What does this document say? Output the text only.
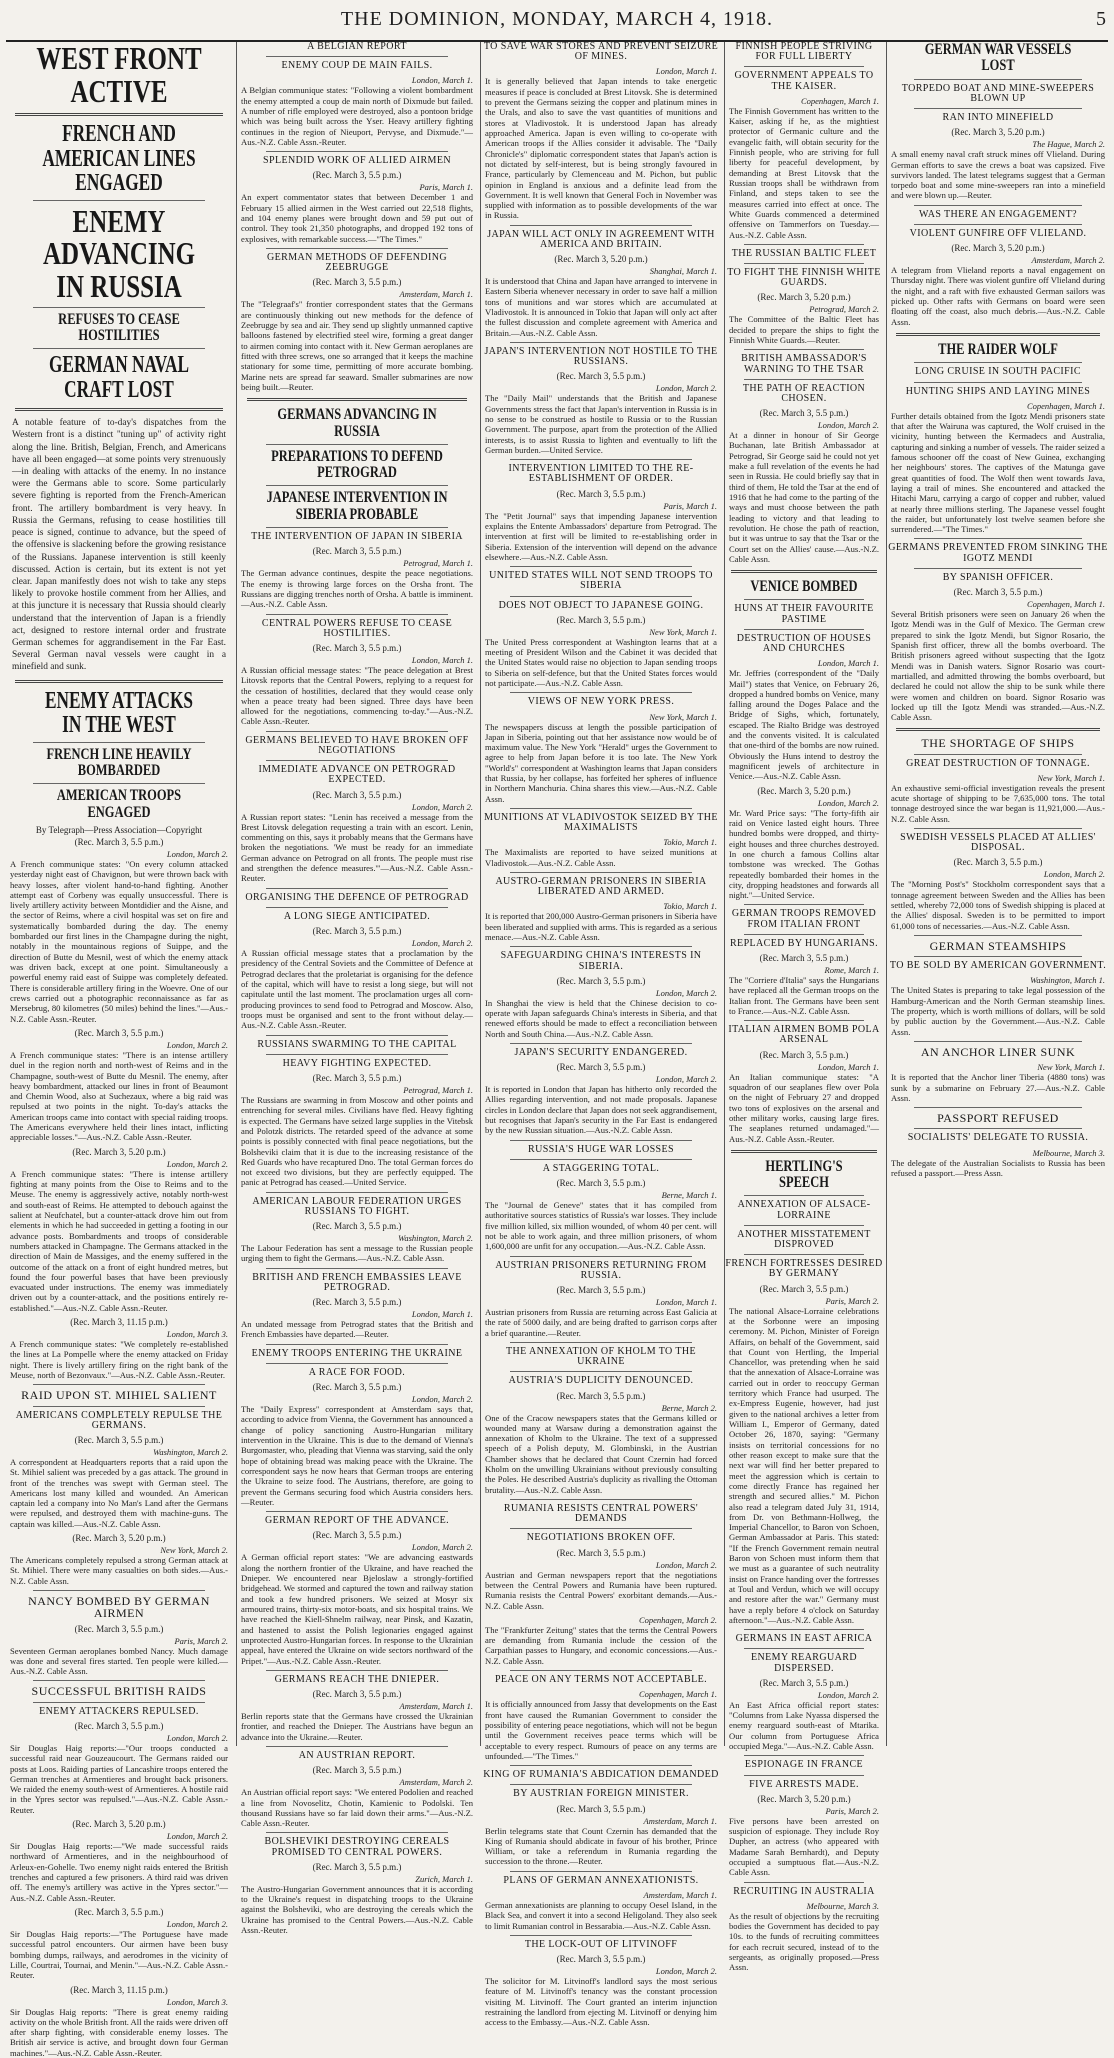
THE DOMINION, MONDAY, MARCH 4, 1918.	5
WEST FRONT ACTIVE
FRENCH AND AMERICAN LINES ENGAGED
ENEMY ADVANCING IN RUSSIA
REFUSES TO CEASE HOSTILITIES
GERMAN NAVAL CRAFT LOST
A notable feature of to-day's dispatches from the Western front is a distinct "tuning up" of activity right along the line. British, Belgian, French, and Americans have all been engaged—at some points very strenuously—in dealing with attacks of the enemy. In no instance were the Germans able to score. Some particularly severe fighting is reported from the French-American front. The artillery bombardment is very heavy. In Russia the Germans, refusing to cease hostilities till peace is signed, continue to advance, but the speed of the offensive is slackening before the growing resistance of the Russians. Japanese intervention is still keenly discussed. Action is certain, but its extent is not yet clear. Japan manifestly does not wish to take any steps likely to provoke hostile comment from her Allies, and at this juncture it is necessary that Russia should clearly understand that the intervention of Japan is a friendly act, designed to restore internal order and frustrate German schemes for aggrandisement in the Far East. Several German naval vessels were caught in a minefield and sunk.
ENEMY ATTACKS IN THE WEST
FRENCH LINE HEAVILY BOMBARDED
AMERICAN TROOPS ENGAGED
By Telegraph—Press Association—Copyright
(Rec. March 3, 5.5 p.m.)
London, March 2.
A French communique states: "On every column attacked yesterday night east of Chavignon, but were thrown back with heavy losses, after violent hand-to-hand fighting. Another attempt east of Corbeny was equally unsuccessful. There is lively artillery activity between Montdidier and the Aisne, and the sector of Reims, where a civil hospital was set on fire and systematically bombarded during the day. The enemy bombarded our first lines in the Champagne during the night, notably in the mountainous regions of Suippe, and the direction of Butte du Mesnil, west of which the enemy attack was driven back, except at one point. Simultaneously a powerful enemy raid east of Suippe was completely defeated. There is considerable artillery firing in the Woevre. One of our crews carried out a photographic reconnaissance as far as Mersebrug, 80 kilometres (50 miles) behind the lines."—Aus.-N.Z. Cable Assn.-Reuter.
(Rec. March 3, 5.5 p.m.)
London, March 2.
A French communique states: "There is an intense artillery duel in the region north and north-west of Reims and in the Champagne, south-west of Butte du Mesnil. The enemy, after heavy bombardment, attacked our lines in front of Beaumont and Chemin Wood, also at Suchezaux, where a big raid was repulsed at two points in the night. To-day's attacks the American troops came into contact with special raiding troops. The Americans everywhere held their lines intact, inflicting appreciable losses."—Aus.-N.Z. Cable Assn.-Reuter.
(Rec. March 3, 5.20 p.m.)
London, March 2.
A French communique states: "There is intense artillery fighting at many points from the Oise to Reims and to the Meuse. The enemy is aggressively active, notably north-west and south-east of Reims. He attempted to debouch against the salient at Neufchatel, but a counter-attack drove him out from elements in which he had succeeded in getting a footing in our advance posts. Bombardments and troops of considerable numbers attacked in Champagne. The Germans attacked in the direction of Main de Massiges, and the enemy suffered in the outcome of the attack on a front of eight hundred metres, but found the four powerful bases that have been previously evacuated under instructions. The enemy was immediately driven out by a counter-attack, and the positions entirely re-established."—Aus.-N.Z. Cable Assn.-Reuter.
(Rec. March 3, 11.15 p.m.)
London, March 3.
A French communique states: "We completely re-established the lines at La Pompelle where the enemy attacked on Friday night. There is lively artillery firing on the right bank of the Meuse, north of Bezonvaux."—Aus.-N.Z. Cable Assn.-Reuter.
RAID UPON ST. MIHIEL SALIENT
AMERICANS COMPLETELY REPULSE THE GERMANS.
(Rec. March 3, 5.5 p.m.)
Washington, March 2.
A correspondent at Headquarters reports that a raid upon the St. Mihiel salient was preceded by a gas attack. The ground in front of the trenches was swept with German steel. The Americans lost many killed and wounded. An American captain led a company into No Man's Land after the Germans were repulsed, and destroyed them with machine-guns. The captain was killed.—Aus.-N.Z. Cable Assn.
(Rec. March 3, 5.20 p.m.)
New York, March 2.
The Americans completely repulsed a strong German attack at St. Mihiel. There were many casualties on both sides.—Aus.-N.Z. Cable Assn.
NANCY BOMBED BY GERMAN AIRMEN
(Rec. March 3, 5.5 p.m.)
Paris, March 2.
Seventeen German aeroplanes bombed Nancy. Much damage was done and several fires started. Ten people were killed.—Aus.-N.Z. Cable Assn.
SUCCESSFUL BRITISH RAIDS
ENEMY ATTACKERS REPULSED.
(Rec. March 3, 5.5 p.m.)
London, March 2.
Sir Douglas Haig reports:—"Our troops conducted a successful raid near Gouzeaucourt. The Germans raided our posts at Loos. Raiding parties of Lancashire troops entered the German trenches at Armentieres and brought back prisoners. We raided the enemy south-west of Armentieres. A hostile raid in the Ypres sector was repulsed."—Aus.-N.Z. Cable Assn.-Reuter.
(Rec. March 3, 5.20 p.m.)
London, March 2.
Sir Douglas Haig reports:—"We made successful raids northward of Armentieres, and in the neighbourhood of Arleux-en-Gohelle. Two enemy night raids entered the British trenches and captured a few prisoners. A third raid was driven off. The enemy's artillery was active in the Ypres sector."—Aus.-N.Z. Cable Assn.-Reuter.
(Rec. March 3, 5.5 p.m.)
London, March 2.
Sir Douglas Haig reports:—"The Portuguese have made successful patrol encounters. Our airmen have been busy bombing dumps, railways, and aerodromes in the vicinity of Lille, Courtrai, Tournai, and Menin."—Aus.-N.Z. Cable Assn.-Reuter.
(Rec. March 3, 11.15 p.m.)
London, March 3.
Sir Douglas Haig reports: "There is great enemy raiding activity on the whole British front. All the raids were driven off after sharp fighting, with considerable enemy losses. The British air service is active, and brought down four German machines."—Aus.-N.Z. Cable Assn.-Reuter.
A BELGIAN REPORT
ENEMY COUP DE MAIN FAILS.
London, March 1.
A Belgian communique states: "Following a violent bombardment the enemy attempted a coup de main north of Dixmude but failed. A number of rifle employed were destroyed, also a pontoon bridge which was being built across the Yser. Heavy artillery fighting continues in the region of Nieuport, Pervyse, and Dixmude."—Aus.-N.Z. Cable Assn.-Reuter.
SPLENDID WORK OF ALLIED AIRMEN
(Rec. March 3, 5.5 p.m.)
Paris, March 1.
An expert commentator states that between December 1 and February 15 allied airmen in the West carried out 22,518 flights, and 104 enemy planes were brought down and 59 put out of control. They took 21,350 photographs, and dropped 192 tons of explosives, with remarkable success.—"The Times."
GERMAN METHODS OF DEFENDING ZEEBRUGGE
(Rec. March 3, 5.5 p.m.)
Amsterdam, March 1.
The "Telegraaf's" frontier correspondent states that the Germans are continuously thinking out new methods for the defence of Zeebrugge by sea and air. They send up slightly unmanned captive balloons fastened by electrified steel wire, forming a great danger to airmen coming into contact with it. New German aeroplanes are fitted with three screws, one so arranged that it keeps the machine stationary for some time, permitting of more accurate bombing. Marine nets are spread far seaward. Smaller submarines are now being built.—Reuter.
GERMANS ADVANCING IN RUSSIA
PREPARATIONS TO DEFEND PETROGRAD
JAPANESE INTERVENTION IN SIBERIA PROBABLE
THE INTERVENTION OF JAPAN IN SIBERIA
(Rec. March 3, 5.5 p.m.)
Petrograd, March 1.
The German advance continues, despite the peace negotiations. The enemy is throwing large forces on the Orsha front. The Russians are digging trenches north of Orsha. A battle is imminent.—Aus.-N.Z. Cable Assn.
CENTRAL POWERS REFUSE TO CEASE HOSTILITIES.
(Rec. March 3, 5.5 p.m.)
London, March 1.
A Russian official message states: "The peace delegation at Brest Litovsk reports that the Central Powers, replying to a request for the cessation of hostilities, declared that they would cease only when a peace treaty had been signed. Three days have been allowed for the negotiations, commencing to-day."—Aus.-N.Z. Cable Assn.-Reuter.
GERMANS BELIEVED TO HAVE BROKEN OFF NEGOTIATIONS
IMMEDIATE ADVANCE ON PETROGRAD EXPECTED.
(Rec. March 3, 5.5 p.m.)
London, March 2.
A Russian report states: "Lenin has received a message from the Brest Litovsk delegation requesting a train with an escort. Lenin, commenting on this, says it probably means that the Germans have broken the negotiations. 'We must be ready for an immediate German advance on Petrograd on all fronts. The people must rise and strengthen the defence measures.'"—Aus.-N.Z. Cable Assn.-Reuter.
ORGANISING THE DEFENCE OF PETROGRAD
A LONG SIEGE ANTICIPATED.
(Rec. March 3, 5.5 p.m.)
London, March 2.
A Russian official message states that a proclamation by the presidency of the Central Soviets and the Committee of Defence at Petrograd declares that the proletariat is organising for the defence of the capital, which will have to resist a long siege, but will not capitulate until the last moment. The proclamation urges all corn-producing provinces to send food to Petrograd and Moscow. Also, troops must be organised and sent to the front without delay.—Aus.-N.Z. Cable Assn.-Reuter.
RUSSIANS SWARMING TO THE CAPITAL
HEAVY FIGHTING EXPECTED.
(Rec. March 3, 5.5 p.m.)
Petrograd, March 1.
The Russians are swarming in from Moscow and other points and entrenching for several miles. Civilians have fled. Heavy fighting is expected. The Germans have seized large supplies in the Vitebsk and Polotzk districts. The retarded speed of the advance at some points is possibly connected with final peace negotiations, but the Bolsheviki claim that it is due to the increasing resistance of the Red Guards who have recaptured Dno. The total German forces do not exceed two divisions, but they are perfectly equipped. The panic at Petrograd has ceased.—United Service.
AMERICAN LABOUR FEDERATION URGES RUSSIANS TO FIGHT.
(Rec. March 3, 5.5 p.m.)
Washington, March 2.
The Labour Federation has sent a message to the Russian people urging them to fight the Germans.—Aus.-N.Z. Cable Assn.
BRITISH AND FRENCH EMBASSIES LEAVE PETROGRAD.
(Rec. March 3, 5.5 p.m.)
London, March 1.
An undated message from Petrograd states that the British and French Embassies have departed.—Reuter.
ENEMY TROOPS ENTERING THE UKRAINE
A RACE FOR FOOD.
(Rec. March 3, 5.5 p.m.)
London, March 2.
The "Daily Express" correspondent at Amsterdam says that, according to advice from Vienna, the Government has announced a change of policy sanctioning Austro-Hungarian military intervention in the Ukraine. This is due to the demand of Vienna's Burgomaster, who, pleading that Vienna was starving, said the only hope of obtaining bread was making peace with the Ukraine. The correspondent says he now hears that German troops are entering the Ukraine to seize food. The Austrians, therefore, are going to prevent the Germans securing food which Austria considers hers.—Reuter.
GERMAN REPORT OF THE ADVANCE.
(Rec. March 3, 5.5 p.m.)
London, March 2.
A German official report states: "We are advancing eastwards along the northern frontier of the Ukraine, and have reached the Dnieper. We encountered near Bjeloslaw a strongly-fortified bridgehead. We stormed and captured the town and railway station and took a few hundred prisoners. We seized at Mosyr six armoured trains, thirty-six motor-boats, and six hospital trains. We have reached the Kiell-Shnelm railway, near Pinsk, and Kazatin, and hastened to assist the Polish legionaries engaged against unprotected Austro-Hungarian forces. In response to the Ukrainian appeal, have entered the Ukraine on wide sectors northward of the Pripet."—Aus.-N.Z. Cable Assn.-Reuter.
GERMANS REACH THE DNIEPER.
(Rec. March 3, 5.5 p.m.)
Amsterdam, March 1.
Berlin reports state that the Germans have crossed the Ukrainian frontier, and reached the Dnieper. The Austrians have begun an advance into the Ukraine.—Reuter.
AN AUSTRIAN REPORT.
(Rec. March 3, 5.5 p.m.)
Amsterdam, March 2.
An Austrian official report says: "We entered Podolien and reached a line from Novoselitz, Chotin, Kamienic to Podolski. Ten thousand Russians have so far laid down their arms."—Aus.-N.Z. Cable Assn.-Reuter.
BOLSHEVIKI DESTROYING CEREALS PROMISED TO CENTRAL POWERS.
(Rec. March 3, 5.5 p.m.)
Zurich, March 1.
The Austro-Hungarian Government announces that it is according to the Ukraine's request in dispatching troops to the Ukraine against the Bolsheviki, who are destroying the cereals which the Ukraine has promised to the Central Powers.—Aus.-N.Z. Cable Assn.-Reuter.
TO SAVE WAR STORES AND PREVENT SEIZURE OF MINES.
London, March 1.
It is generally believed that Japan intends to take energetic measures if peace is concluded at Brest Litovsk. She is determined to prevent the Germans seizing the copper and platinum mines in the Urals, and also to save the vast quantities of munitions and stores at Vladivostok. It is understood Japan has already approached America. Japan is even willing to co-operate with American troops if the Allies consider it advisable. The "Daily Chronicle's" diplomatic correspondent states that Japan's action is not dictated by self-interest, but is being strongly favoured in France, particularly by Clemenceau and M. Pichon, but public opinion in England is anxious and a definite lead from the Government. It is well known that General Foch in November was supplied with information as to possible developments of the war in Russia.
JAPAN WILL ACT ONLY IN AGREEMENT WITH AMERICA AND BRITAIN.
(Rec. March 3, 5.20 p.m.)
Shanghai, March 1.
It is understood that China and Japan have arranged to intervene in Eastern Siberia whenever necessary in order to save half a million tons of munitions and war stores which are accumulated at Vladivostok. It is announced in Tokio that Japan will only act after the fullest discussion and complete agreement with America and Britain.—Aus.-N.Z. Cable Assn.
JAPAN'S INTERVENTION NOT HOSTILE TO THE RUSSIANS.
(Rec. March 3, 5.5 p.m.)
London, March 2.
The "Daily Mail" understands that the British and Japanese Governments stress the fact that Japan's intervention in Russia is in no sense to be construed as hostile to Russia or to the Russian Government. The purpose, apart from the protection of the Allied interests, is to assist Russia to lighten and eventually to lift the German burden.—United Service.
INTERVENTION LIMITED TO THE RE-ESTABLISHMENT OF ORDER.
(Rec. March 3, 5.5 p.m.)
Paris, March 1.
The "Petit Journal" says that impending Japanese intervention explains the Entente Ambassadors' departure from Petrograd. The intervention at first will be limited to re-establishing order in Siberia. Extension of the intervention will depend on the advance elsewhere.—Aus.-N.Z. Cable Assn.
UNITED STATES WILL NOT SEND TROOPS TO SIBERIA
DOES NOT OBJECT TO JAPANESE GOING.
(Rec. March 3, 5.5 p.m.)
New York, March 1.
The United Press correspondent at Washington learns that at a meeting of President Wilson and the Cabinet it was decided that the United States would raise no objection to Japan sending troops to Siberia on self-defence, but that the United States forces would not participate.—Aus.-N.Z. Cable Assn.
VIEWS OF NEW YORK PRESS.
New York, March 1.
The newspapers discuss at length the possible participation of Japan in Siberia, pointing out that her assistance now would be of maximum value. The New York "Herald" urges the Government to agree to help from Japan before it is too late. The New York "World's" correspondent at Washington learns that Japan considers that Russia, by her collapse, has forfeited her spheres of influence in Northern Manchuria. China shares this view.—Aus.-N.Z. Cable Assn.
MUNITIONS AT VLADIVOSTOK SEIZED BY THE MAXIMALISTS
Tokio, March 1.
The Maximalists are reported to have seized munitions at Vladivostok.—Aus.-N.Z. Cable Assn.
AUSTRO-GERMAN PRISONERS IN SIBERIA LIBERATED AND ARMED.
Tokio, March 1.
It is reported that 200,000 Austro-German prisoners in Siberia have been liberated and supplied with arms. This is regarded as a serious menace.—Aus.-N.Z. Cable Assn.
SAFEGUARDING CHINA'S INTERESTS IN SIBERIA.
(Rec. March 3, 5.5 p.m.)
London, March 2.
In Shanghai the view is held that the Chinese decision to co-operate with Japan safeguards China's interests in Siberia, and that renewed efforts should be made to effect a reconciliation between North and South China.—Aus.-N.Z. Cable Assn.
JAPAN'S SECURITY ENDANGERED.
(Rec. March 3, 5.5 p.m.)
London, March 2.
It is reported in London that Japan has hitherto only recorded the Allies regarding intervention, and not made proposals. Japanese circles in London declare that Japan does not seek aggrandisement, but recognises that Japan's security in the Far East is endangered by the new Russian situation.—Aus.-N.Z. Cable Assn.
RUSSIA'S HUGE WAR LOSSES
A STAGGERING TOTAL.
(Rec. March 3, 5.5 p.m.)
Berne, March 1.
The "Journal de Geneve" states that it has compiled from authoritative sources statistics of Russia's war losses. They include five million killed, six million wounded, of whom 40 per cent. will not be able to work again, and three million prisoners, of whom 1,600,000 are unfit for any occupation.—Aus.-N.Z. Cable Assn.
AUSTRIAN PRISONERS RETURNING FROM RUSSIA.
(Rec. March 3, 5.5 p.m.)
London, March 1.
Austrian prisoners from Russia are returning across East Galicia at the rate of 5000 daily, and are being drafted to garrison corps after a brief quarantine.—Reuter.
THE ANNEXATION OF KHOLM TO THE UKRAINE
AUSTRIA'S DUPLICITY DENOUNCED.
(Rec. March 3, 5.5 p.m.)
Berne, March 2.
One of the Cracow newspapers states that the Germans killed or wounded many at Warsaw during a demonstration against the annexation of Kholm to the Ukraine. The text of a suppressed speech of a Polish deputy, M. Glombinski, in the Austrian Chamber shows that he declared that Count Czernin had forced Kholm on the unwilling Ukrainians without previously consulting the Poles. He described Austria's duplicity as rivalling the Ottoman brutality.—Aus.-N.Z. Cable Assn.
RUMANIA RESISTS CENTRAL POWERS' DEMANDS
NEGOTIATIONS BROKEN OFF.
(Rec. March 3, 5.5 p.m.)
London, March 2.
Austrian and German newspapers report that the negotiations between the Central Powers and Rumania have been ruptured. Rumania resists the Central Powers' exorbitant demands.—Aus.-N.Z. Cable Assn.
Copenhagen, March 2.
The "Frankfurter Zeitung" states that the terms the Central Powers are demanding from Rumania include the cession of the Carpathian passes to Hungary, and economic concessions.—Aus.-N.Z. Cable Assn.
PEACE ON ANY TERMS NOT ACCEPTABLE.
Copenhagen, March 1.
It is officially announced from Jassy that developments on the East front have caused the Rumanian Government to consider the possibility of entering peace negotiations, which will not be begun until the Government receives peace terms which will be acceptable to every respect. Rumours of peace on any terms are unfounded.—"The Times."
KING OF RUMANIA'S ABDICATION DEMANDED
BY AUSTRIAN FOREIGN MINISTER.
(Rec. March 3, 5.5 p.m.)
Amsterdam, March 1.
Berlin telegrams state that Count Czernin has demanded that the King of Rumania should abdicate in favour of his brother, Prince William, or take a referendum in Rumania regarding the succession to the throne.—Reuter.
PLANS OF GERMAN ANNEXATIONISTS.
Amsterdam, March 1.
German annexationists are planning to occupy Oesel Island, in the Black Sea, and convert it into a second Heligoland. They also seek to limit Rumanian control in Bessarabia.—Aus.-N.Z. Cable Assn.
THE LOCK-OUT OF LITVINOFF
(Rec. March 3, 5.5 p.m.)
London, March 2.
The solicitor for M. Litvinoff's landlord says the most serious feature of M. Litvinoff's tenancy was the constant procession visiting M. Litvinoff. The Court granted an interim injunction restraining the landlord from ejecting M. Litvinoff or denying him access to the Embassy.—Aus.-N.Z. Cable Assn.
FINNISH PEOPLE STRIVING FOR FULL LIBERTY
GOVERNMENT APPEALS TO THE KAISER.
Copenhagen, March 1.
The Finnish Government has written to the Kaiser, asking if he, as the mightiest protector of Germanic culture and the evangelic faith, will obtain security for the Finnish people, who are striving for full liberty for peaceful development, by demanding at Brest Litovsk that the Russian troops shall be withdrawn from Finland, and steps taken to see the measures carried into effect at once. The White Guards commenced a determined offensive on Tammerfors on Tuesday.—Aus.-N.Z. Cable Assn.
THE RUSSIAN BALTIC FLEET
TO FIGHT THE FINNISH WHITE GUARDS.
(Rec. March 3, 5.20 p.m.)
Petrograd, March 2.
The Committee of the Baltic Fleet has decided to prepare the ships to fight the Finnish White Guards.—Reuter.
BRITISH AMBASSADOR'S WARNING TO THE TSAR
THE PATH OF REACTION CHOSEN.
(Rec. March 3, 5.5 p.m.)
London, March 2.
At a dinner in honour of Sir George Buchanan, late British Ambassador at Petrograd, Sir George said he could not yet make a full revelation of the events he had seen in Russia. He could briefly say that in third of them, He told the Tsar at the end of 1916 that he had come to the parting of the ways and must choose between the path leading to victory and that leading to revolution. He chose the path of reaction, but it was untrue to say that the Tsar or the Court set on the Allies' cause.—Aus.-N.Z. Cable Assn.
VENICE BOMBED
HUNS AT THEIR FAVOURITE PASTIME
DESTRUCTION OF HOUSES AND CHURCHES
London, March 1.
Mr. Jeffries (correspondent of the "Daily Mail") states that Venice, on February 26, dropped a hundred bombs on Venice, many falling around the Doges Palace and the Bridge of Sighs, which, fortunately, escaped. The Rialto Bridge was destroyed and the convents visited. It is calculated that one-third of the bombs are now ruined. Obviously the Huns intend to destroy the magnificent jewels of architecture in Venice.—Aus.-N.Z. Cable Assn.
(Rec. March 3, 5.20 p.m.)
London, March 2.
Mr. Ward Price says: "The forty-fifth air raid on Venice lasted eight hours. Three hundred bombs were dropped, and thirty-eight houses and three churches destroyed. In one church a famous Collins altar tombstone was wrecked. The Gothas repeatedly bombarded their homes in the city, dropping headstones and forwards all night."—United Service.
GERMAN TROOPS REMOVED FROM ITALIAN FRONT
REPLACED BY HUNGARIANS.
(Rec. March 3, 5.5 p.m.)
Rome, March 1.
The "Corriere d'Italia" says the Hungarians have replaced all the German troops on the Italian front. The Germans have been sent to France.—Aus.-N.Z. Cable Assn.
ITALIAN AIRMEN BOMB POLA ARSENAL
(Rec. March 3, 5.5 p.m.)
London, March 1.
An Italian communique states: "A squadron of our seaplanes flew over Pola on the night of February 27 and dropped two tons of explosives on the arsenal and other military works, causing large fires. The seaplanes returned undamaged."—Aus.-N.Z. Cable Assn.-Reuter.
HERTLING'S SPEECH
ANNEXATION OF ALSACE-LORRAINE
ANOTHER MISSTATEMENT DISPROVED
FRENCH FORTRESSES DESIRED BY GERMANY
(Rec. March 3, 5.5 p.m.)
Paris, March 2.
The national Alsace-Lorraine celebrations at the Sorbonne were an imposing ceremony. M. Pichon, Minister of Foreign Affairs, on behalf of the Government, said that Count von Hertling, the Imperial Chancellor, was pretending when he said that the annexation of Alsace-Lorraine was carried out in order to reoccupy German territory which France had usurped. The ex-Empress Eugenie, however, had just given to the national archives a letter from William I., Emperor of Germany, dated October 26, 1870, saying: "Germany insists on territorial concessions for no other reason except to make sure that the next war will find her better prepared to meet the aggression which is certain to come directly France has regained her strength and secured allies." M. Pichon also read a telegram dated July 31, 1914, from Dr. von Bethmann-Hollweg, the Imperial Chancellor, to Baron von Schoen, German Ambassador at Paris. This stated: "If the French Government remain neutral Baron von Schoen must inform them that we must as a guarantee of such neutrality insist on France handing over the fortresses at Toul and Verdun, which we will occupy and restore after the war." Germany must have a reply before 4 o'clock on Saturday afternoon."—Aus.-N.Z. Cable Assn.
GERMANS IN EAST AFRICA
ENEMY REARGUARD DISPERSED.
(Rec. March 3, 5.5 p.m.)
London, March 2.
An East Africa official report states: "Columns from Lake Nyassa dispersed the enemy rearguard south-east of Mtarika. Our column from Portuguese Africa occupied Mega."—Aus.-N.Z. Cable Assn.
ESPIONAGE IN FRANCE
FIVE ARRESTS MADE.
(Rec. March 3, 5.20 p.m.)
Paris, March 2.
Five persons have been arrested on suspicion of espionage. They include Roy Dupher, an actress (who appeared with Madame Sarah Bernhardt), and Deputy occupied a sumptuous flat.—Aus.-N.Z. Cable Assn.
RECRUITING IN AUSTRALIA
Melbourne, March 3.
As the result of objections by the recruiting bodies the Government has decided to pay 10s. to the funds of recruiting committees for each recruit secured, instead of to the sergeants, as originally proposed.—Press Assn.
GERMAN WAR VESSELS LOST
TORPEDO BOAT AND MINE-SWEEPERS BLOWN UP
RAN INTO MINEFIELD
(Rec. March 3, 5.20 p.m.)
The Hague, March 2.
A small enemy naval craft struck mines off Vlieland. During German efforts to save the crews a boat was capsized. Five survivors landed. The latest telegrams suggest that a German torpedo boat and some mine-sweepers ran into a minefield and were blown up.—Reuter.
WAS THERE AN ENGAGEMENT?
VIOLENT GUNFIRE OFF VLIELAND.
(Rec. March 3, 5.20 p.m.)
Amsterdam, March 2.
A telegram from Vlieland reports a naval engagement on Thursday night. There was violent gunfire off Vlieland during the night, and a raft with five exhausted German sailors was picked up. Other rafts with Germans on board were seen floating off the coast, also much debris.—Aus.-N.Z. Cable Assn.
THE RAIDER WOLF
LONG CRUISE IN SOUTH PACIFIC
HUNTING SHIPS AND LAYING MINES
Copenhagen, March 1.
Further details obtained from the Igotz Mendi prisoners state that after the Wairuna was captured, the Wolf cruised in the vicinity, hunting between the Kermadecs and Australia, capturing and sinking a number of vessels. The raider seized a famous schooner off the coast of New Guinea, exchanging her neighbours' stores. The captives of the Matunga gave great quantities of food. The Wolf then went towards Java, laying a trail of mines. She encountered and attacked the Hitachi Maru, carrying a cargo of copper and rubber, valued at nearly three millions sterling. The Japanese vessel fought the raider, but unfortunately lost twelve seamen before she surrendered.—"The Times."
GERMANS PREVENTED FROM SINKING THE IGOTZ MENDI
BY SPANISH OFFICER.
(Rec. March 3, 5.5 p.m.)
Copenhagen, March 1.
Several British prisoners were seen on January 26 when the Igotz Mendi was in the Gulf of Mexico. The German crew prepared to sink the Igotz Mendi, but Signor Rosario, the Spanish first officer, threw all the bombs overboard. The British prisoners agreed without suspecting that the Igotz Mendi was in Danish waters. Signor Rosario was court-martialled, and admitted throwing the bombs overboard, but declared he could not allow the ship to be sunk while there were women and children on board. Signor Rosario was locked up till the Igotz Mendi was stranded.—Aus.-N.Z. Cable Assn.
THE SHORTAGE OF SHIPS
GREAT DESTRUCTION OF TONNAGE.
New York, March 1.
An exhaustive semi-official investigation reveals the present acute shortage of shipping to be 7,635,000 tons. The total tonnage destroyed since the war began is 11,921,000.—Aus.-N.Z. Cable Assn.
SWEDISH VESSELS PLACED AT ALLIES' DISPOSAL.
(Rec. March 3, 5.5 p.m.)
London, March 2.
The "Morning Post's" Stockholm correspondent says that a tonnage agreement between Sweden and the Allies has been settled, whereby 72,000 tons of Swedish shipping is placed at the Allies' disposal. Sweden is to be permitted to import 61,000 tons of necessaries.—Aus.-N.Z. Cable Assn.
GERMAN STEAMSHIPS
TO BE SOLD BY AMERICAN GOVERNMENT.
Washington, March 1.
The United States is preparing to take legal possession of the Hamburg-American and the North German steamship lines. The property, which is worth millions of dollars, will be sold by public auction by the Government.—Aus.-N.Z. Cable Assn.
AN ANCHOR LINER SUNK
New York, March 1.
It is reported that the Anchor liner Tiberia (4880 tons) was sunk by a submarine on February 27.—Aus.-N.Z. Cable Assn.
PASSPORT REFUSED
SOCIALISTS' DELEGATE TO RUSSIA.
Melbourne, March 3.
The delegate of the Australian Socialists to Russia has been refused a passport.—Press Assn.
